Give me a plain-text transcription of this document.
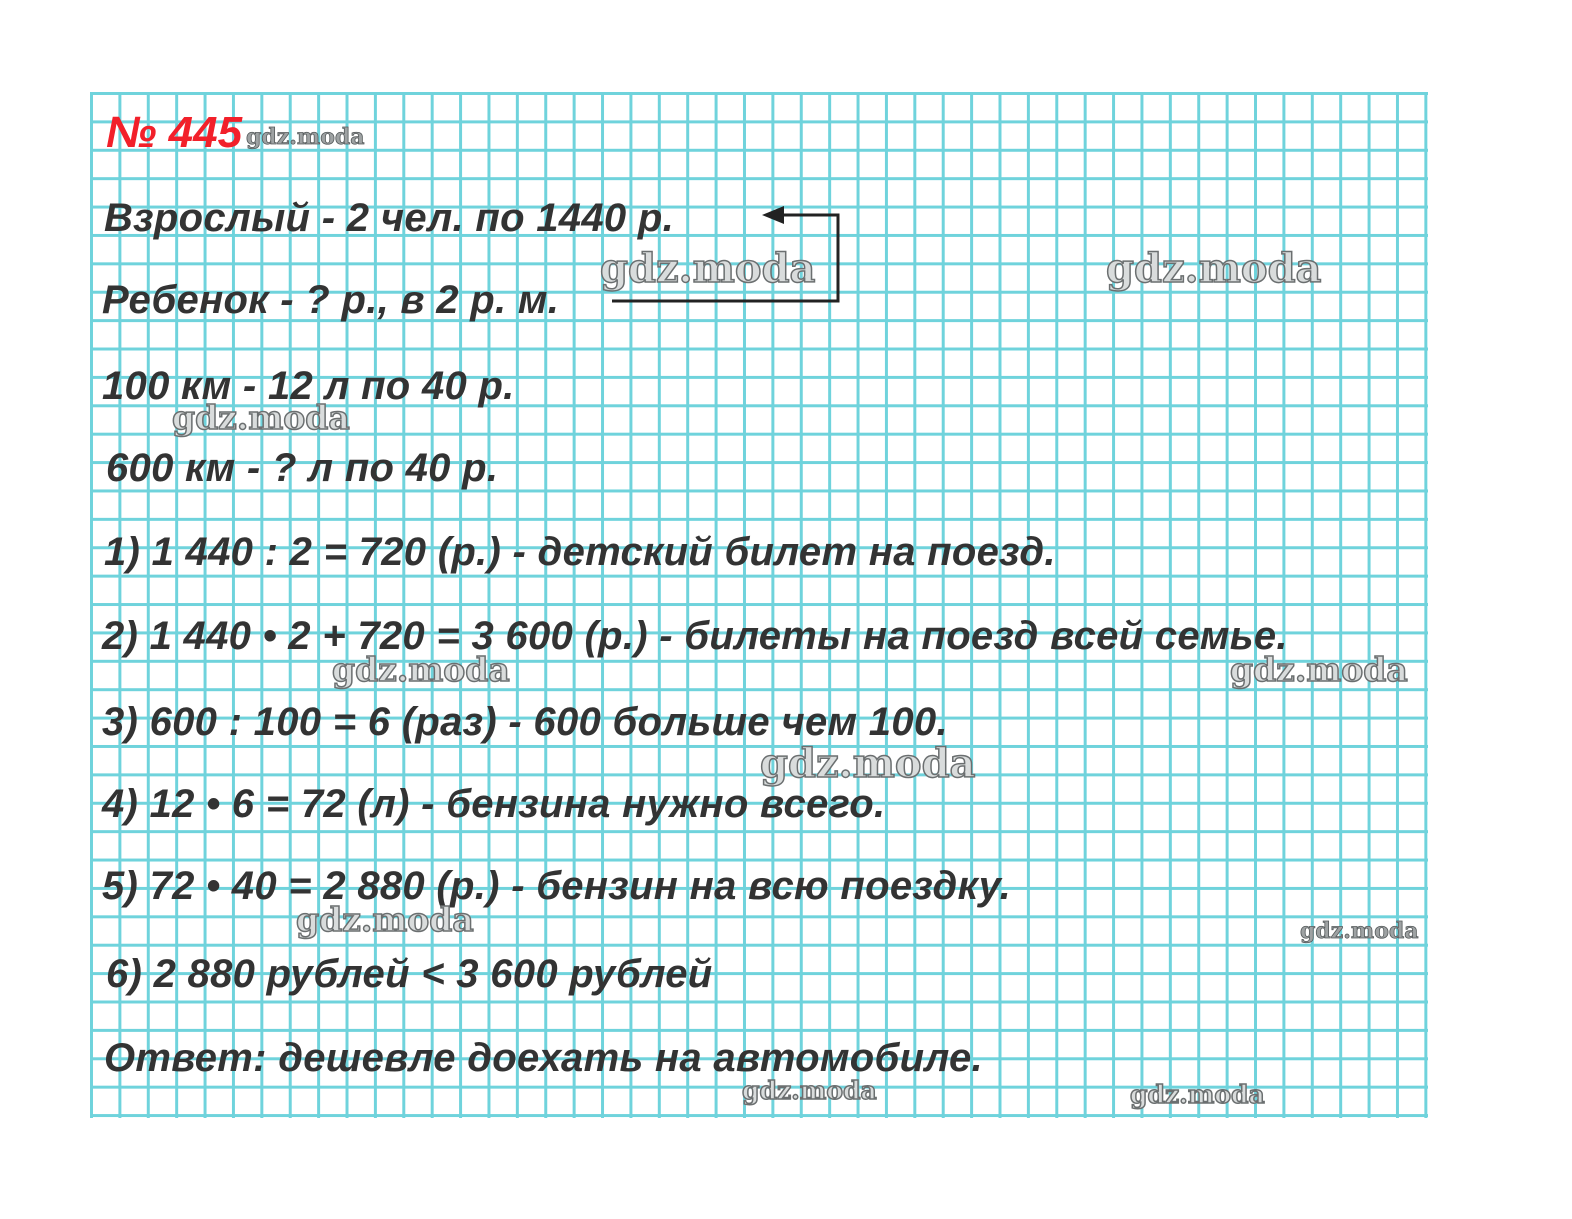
№ 445 gdz.moda

Взрослый - 2 чел. по 1440 р.

Ребенок - ? р., в 2 р. м.

100 км - 12 л по 40 р.

600 км - ? л по 40 р.

1) 1 440 : 2 = 720 (р.) - детский билет на поезд.

2) 1 440 • 2 + 720 = 3 600 (р.) - билеты на поезд всей семье.

3) 600 : 100 = 6 (раз) - 600 больше чем 100.

4) 12 • 6 = 72 (л) - бензина нужно всего.

5) 72 • 40 = 2 880 (р.) - бензин на всю поездку.

6) 2 880 рублей < 3 600 рублей

Ответ: дешевле доехать на автомобиле.

gdz.moda	gdz.moda
gdz.moda
gdz.moda	gdz.moda
gdz.moda
gdz.moda	gdz.moda
gdz.moda	gdz.moda
